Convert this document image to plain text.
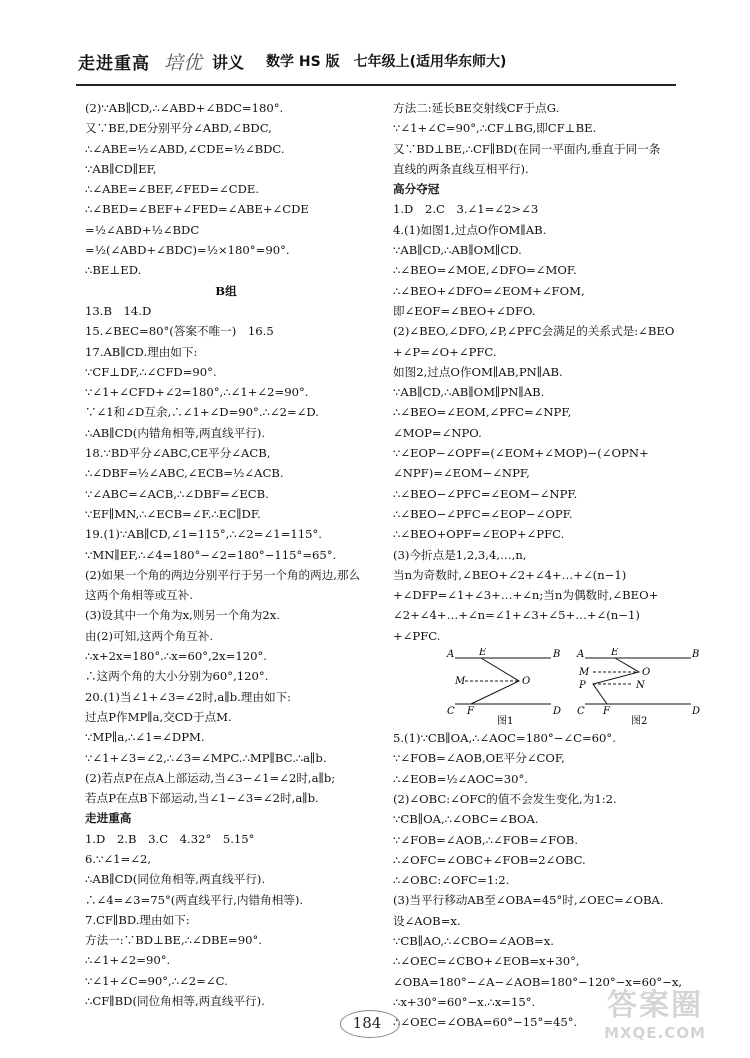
走进重高 培优 讲义 数学 HS 版　七年级上(适用华东师大)
(2)∵AB∥CD,∴∠ABD+∠BDC=180°.
又∵BE,DE分别平分∠ABD,∠BDC,
∴∠ABE=½∠ABD,∠CDE=½∠BDC.
∵AB∥CD∥EF,
∴∠ABE=∠BEF,∠FED=∠CDE.
∴∠BED=∠BEF+∠FED=∠ABE+∠CDE
=½∠ABD+½∠BDC
=½(∠ABD+∠BDC)=½×180°=90°.
∴BE⊥ED.
B组
13.B　14.D
15.∠BEC=80°(答案不唯一)　16.5
17.AB∥CD.理由如下:
∵CF⊥DF,∴∠CFD=90°.
∵∠1+∠CFD+∠2=180°,∴∠1+∠2=90°.
∵∠1和∠D互余,∴∠1+∠D=90°.∴∠2=∠D.
∴AB∥CD(内错角相等,两直线平行).
18.∵BD平分∠ABC,CE平分∠ACB,
∴∠DBF=½∠ABC,∠ECB=½∠ACB.
∵∠ABC=∠ACB,∴∠DBF=∠ECB.
∵EF∥MN,∴∠ECB=∠F.∴EC∥DF.
19.(1)∵AB∥CD,∠1=115°,∴∠2=∠1=115°.
∵MN∥EF,∴∠4=180°−∠2=180°−115°=65°.
(2)如果一个角的两边分别平行于另一个角的两边,那么
这两个角相等或互补.
(3)设其中一个角为x,则另一个角为2x.
由(2)可知,这两个角互补.
∴x+2x=180°.∴x=60°,2x=120°.
∴这两个角的大小分别为60°,120°.
20.(1)当∠1+∠3=∠2时,a∥b.理由如下:
过点P作MP∥a,交CD于点M.
∵MP∥a,∴∠1=∠DPM.
∵∠1+∠3=∠2,∴∠3=∠MPC.∴MP∥BC.∴a∥b.
(2)若点P在点A上部运动,当∠3−∠1=∠2时,a∥b;
若点P在点B下部运动,当∠1−∠3=∠2时,a∥b.
走进重高
1.D　2.B　3.C　4.32°　5.15°
6.∵∠1=∠2,
∴AB∥CD(同位角相等,两直线平行).
∴∠4=∠3=75°(两直线平行,内错角相等).
7.CF∥BD.理由如下:
方法一:∵BD⊥BE,∴∠DBE=90°.
∴∠1+∠2=90°.
∵∠1+∠C=90°,∴∠2=∠C.
∴CF∥BD(同位角相等,两直线平行).
方法二:延长BE交射线CF于点G.
∵∠1+∠C=90°,∴CF⊥BG,即CF⊥BE.
又∵BD⊥BE,∴CF∥BD(在同一平面内,垂直于同一条
直线的两条直线互相平行).
高分夺冠
1.D　2.C　3.∠1=∠2>∠3
4.(1)如图1,过点O作OM∥AB.
∵AB∥CD,∴AB∥OM∥CD.
∴∠BEO=∠MOE,∠DFO=∠MOF.
∴∠BEO+∠DFO=∠EOM+∠FOM,
即∠EOF=∠BEO+∠DFO.
(2)∠BEO,∠DFO,∠P,∠PFC会满足的关系式是:∠BEO
+∠P=∠O+∠PFC.
如图2,过点O作OM∥AB,PN∥AB.
∵AB∥CD,∴AB∥OM∥PN∥AB.
∴∠BEO=∠EOM,∠PFC=∠NPF,
∠MOP=∠NPO.
∵∠EOP−∠OPF=(∠EOM+∠MOP)−(∠OPN+
∠NPF)=∠EOM−∠NPF,
∴∠BEO−∠PFC=∠EOM−∠NPF.
∴∠BEO−∠PFC=∠EOP−∠OPF.
∴∠BEO+OPF=∠EOP+∠PFC.
(3)今折点是1,2,3,4,…,n,
当n为奇数时,∠BEO+∠2+∠4+…+∠(n−1)
+∠DFP=∠1+∠3+…+∠n;当n为偶数时,∠BEO+
∠2+∠4+…+∠n=∠1+∠3+∠5+…+∠(n−1)
+∠PFC.
A E	B
M	O
C F	D
图1
A	E	B
M	O
P	N
C F	D
图2
5.(1)∵CB∥OA,∴∠AOC=180°−∠C=60°.
∵∠FOB=∠AOB,OE平分∠COF,
∴∠EOB=½∠AOC=30°.
(2)∠OBC:∠OFC的值不会发生变化,为1:2.
∵CB∥OA,∴∠OBC=∠BOA.
∵∠FOB=∠AOB,∴∠FOB=∠FOB.
∴∠OFC=∠OBC+∠FOB=2∠OBC.
∴∠OBC:∠OFC=1:2.
(3)当平行移动AB至∠OBA=45°时,∠OEC=∠OBA.
设∠AOB=x.
∵CB∥AO,∴∠CBO=∠AOB=x.
∴∠OEC=∠CBO+∠EOB=x+30°,
∠OBA=180°−∠A−∠AOB=180°−120°−x=60°−x,
∴x+30°=60°−x.∴x=15°.
∴∠OEC=∠OBA=60°−15°=45°.
184	答案圈
MXQE.COM
